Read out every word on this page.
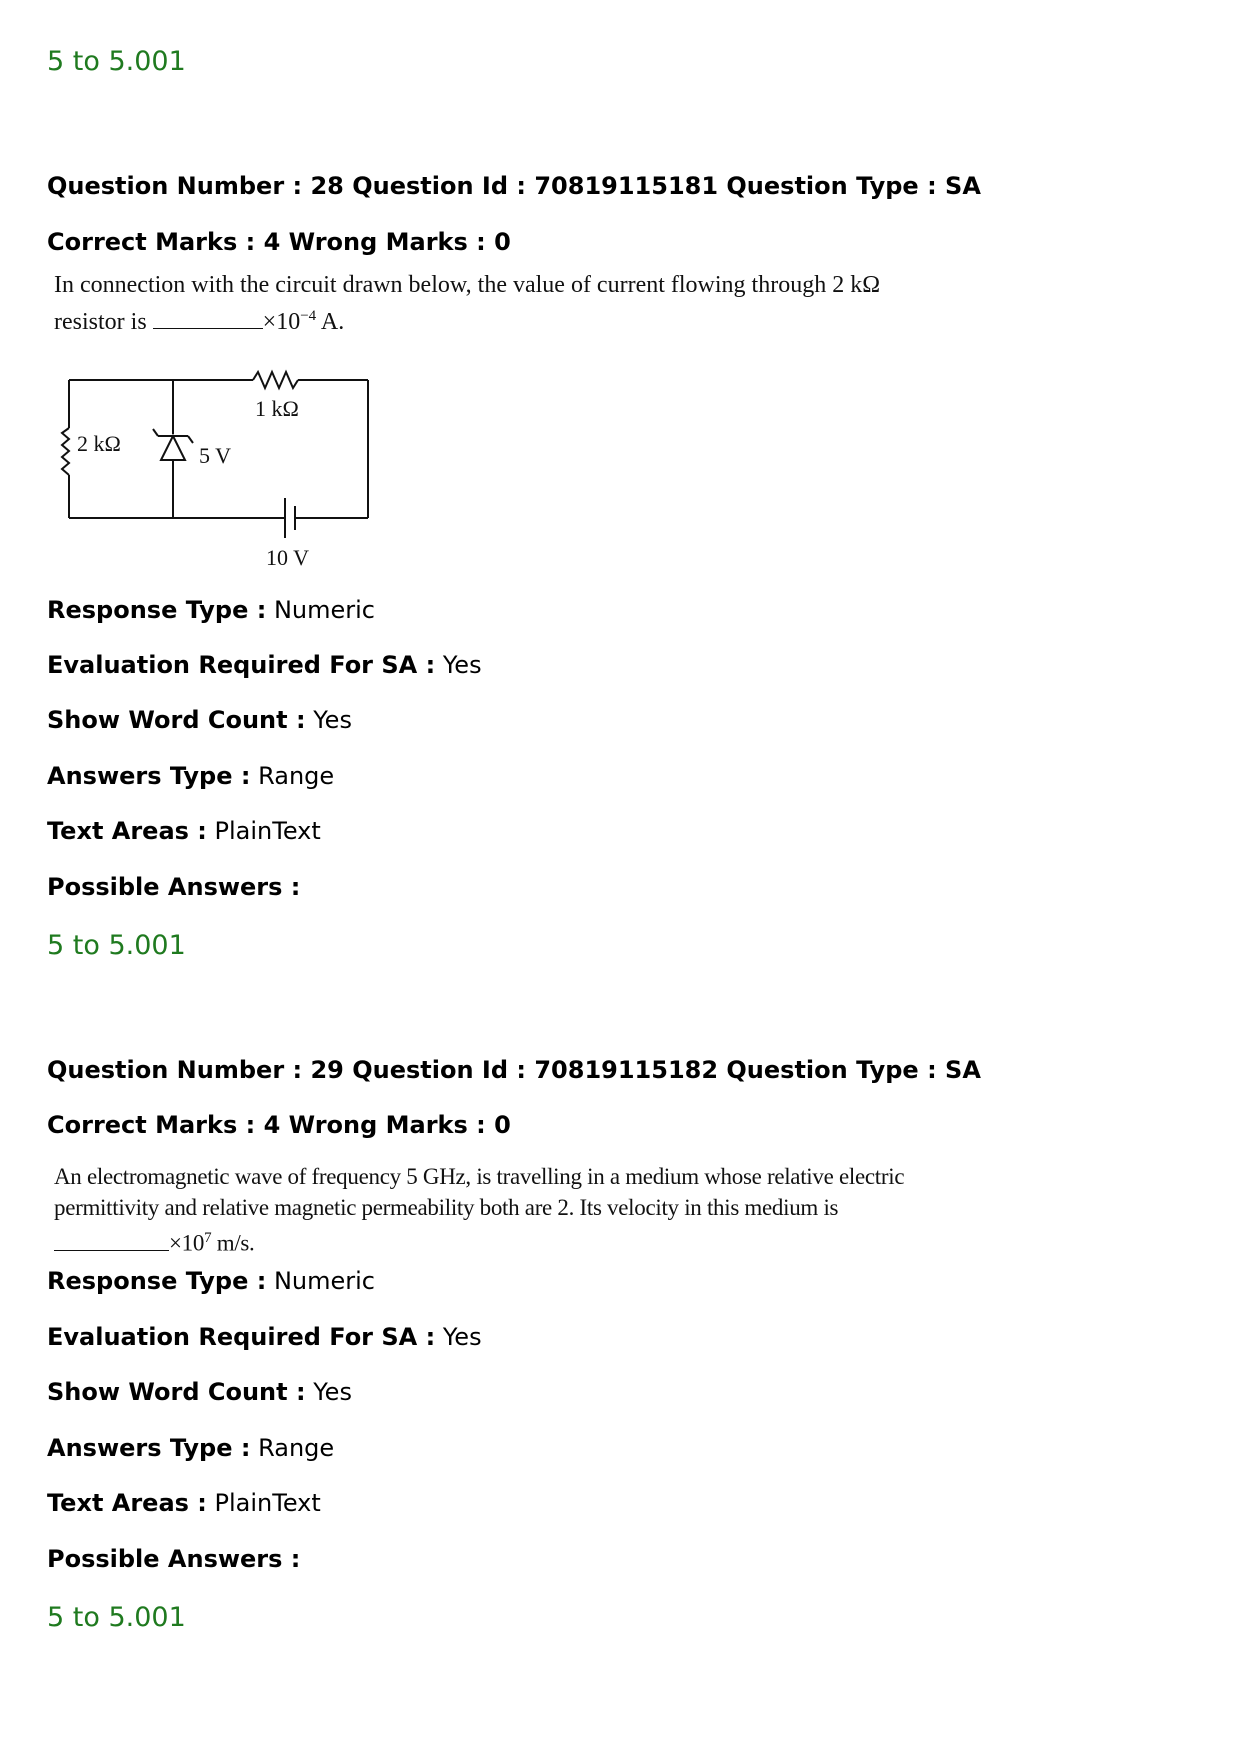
5 to 5.001
Question Number : 28 Question Id : 70819115181 Question Type : SA
Correct Marks : 4 Wrong Marks : 0
In connection with the circuit drawn below, the value of current flowing through 2 kΩ
resistor is	$\times 10^{-4}$ A.
1 kΩ
2 kΩ	5 V
10 V
Response Type : Numeric
Evaluation Required For SA : Yes
Show Word Count : Yes
Answers Type : Range
Text Areas : PlainText
Possible Answers :
5 to 5.001
Question Number : 29 Question Id : 70819115182 Question Type : SA
Correct Marks : 4 Wrong Marks : 0
An electromagnetic wave of frequency 5 GHz, is travelling in a medium whose relative electric
permittivity and relative magnetic permeability both are 2. Its velocity in this medium is
$\times 10^7$ m/s.
Response Type : Numeric
Evaluation Required For SA : Yes
Show Word Count : Yes
Answers Type : Range
Text Areas : PlainText
Possible Answers :
5 to 5.001
